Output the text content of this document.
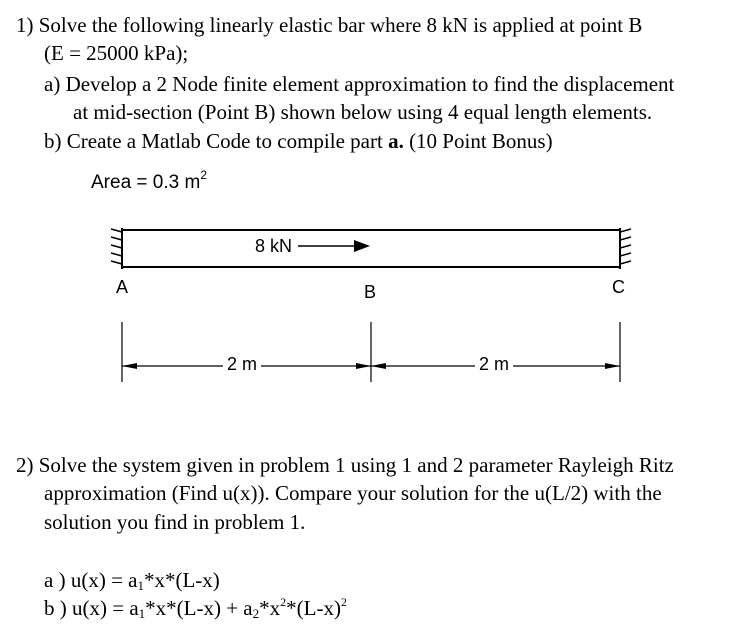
1) Solve the following linearly elastic bar where 8 kN is applied at point B
(E = 25000 kPa);
a) Develop a 2 Node finite element approximation to find the displacement
at mid-section (Point B) shown below using 4 equal length elements.
b) Create a Matlab Code to compile part a. (10 Point Bonus)
Area = 0.3 $m^2$
8 kN
A	B	C
2 m	2 m
2) Solve the system given in problem 1 using 1 and 2 parameter Rayleigh Ritz
approximation (Find u(x)). Compare your solution for the u(L/2) with the
solution you find in problem 1.
a ) $u(x) = a_1*x*(L-x)$
b ) $u(x) = a_1*x*(L-x) + a_2*x^2*(L-x)^2$
